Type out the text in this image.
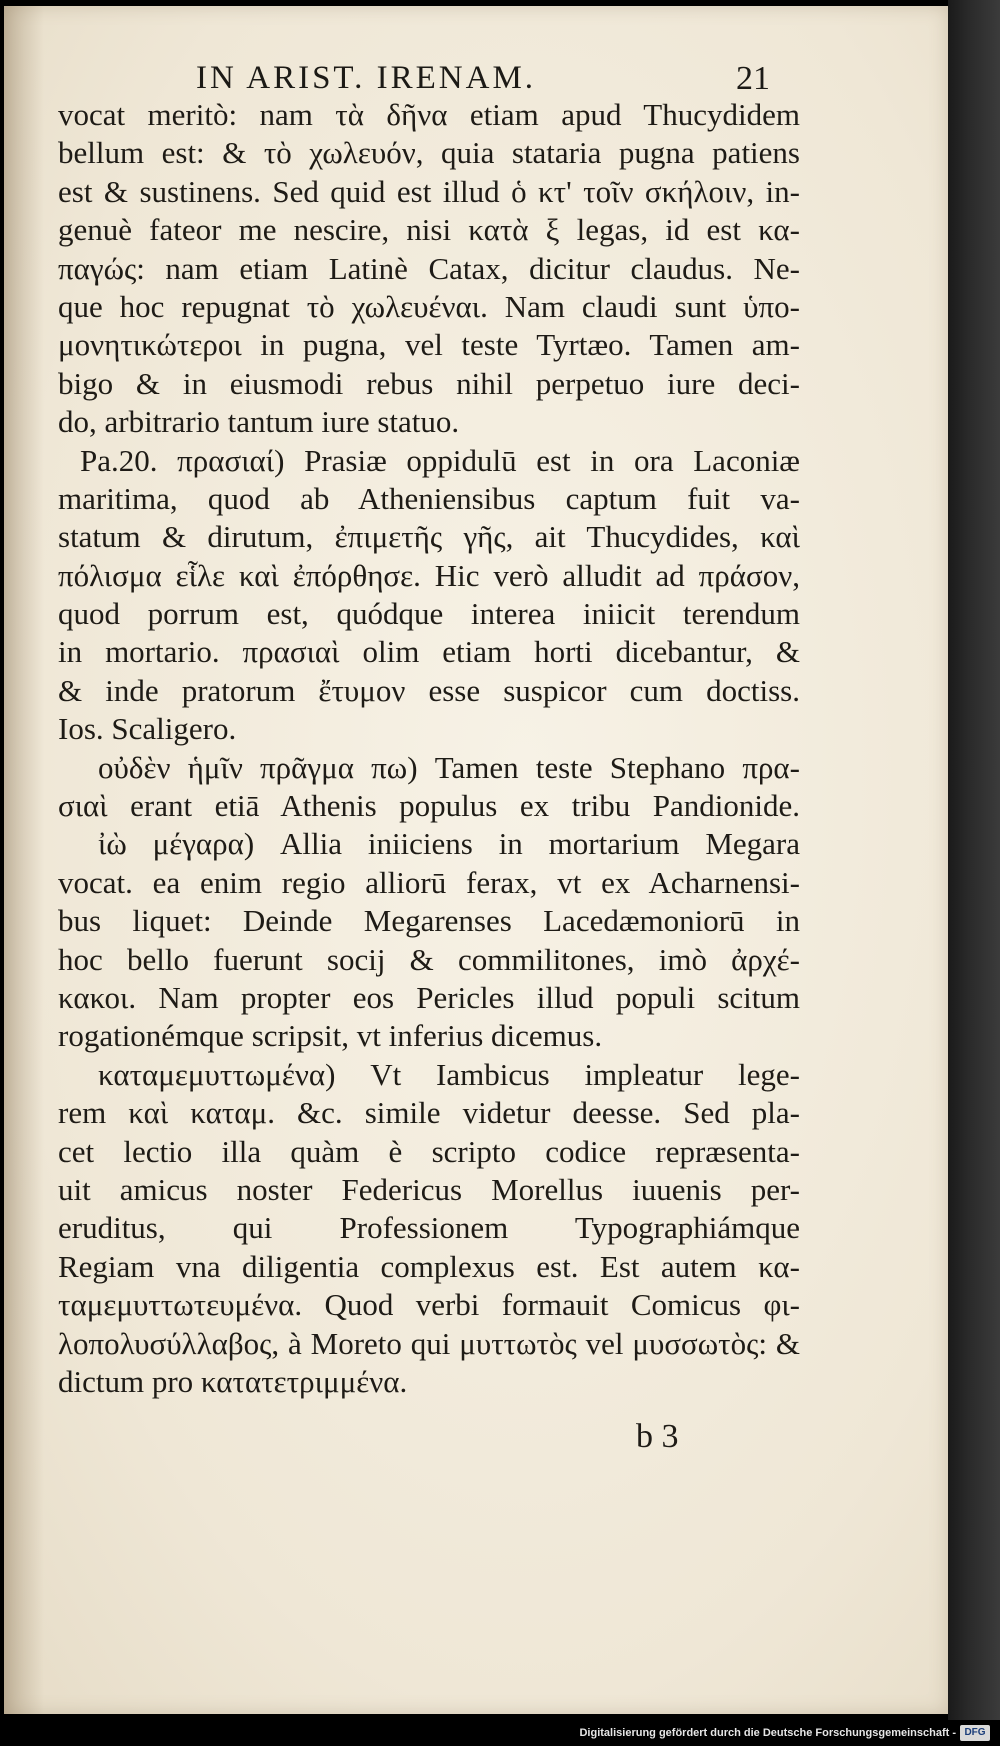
IN ARIST. IRENAM.	21
vocat meritò: nam τὰ δῆνα etiam apud Thucydidem
bellum est: & τὸ χωλευόν, quia stataria pugna patiens
est & sustinens. Sed quid est illud ὁ κτ' τοῖν σκήλοιν, in-
genuè fateor me nescire, nisi κατὰ ξ legas, id est κα-
παγώς: nam etiam Latinè Catax, dicitur claudus. Ne-
que hoc repugnat τὸ χωλευέναι. Nam claudi sunt ὑπο-
μονητικώτεροι in pugna, vel teste Tyrtæo. Tamen am-
bigo & in eiusmodi rebus nihil perpetuo iure deci-
do, arbitrario tantum iure statuo.
Pa.20. πρασιαί) Prasiæ oppidulū est in ora Laconiæ
maritima, quod ab Atheniensibus captum fuit va-
statum & dirutum, ἐπιμετῆς γῆς, ait Thucydides, καὶ
πόλισμα εἷλε καὶ ἐπόρθησε. Hic verò alludit ad πράσον,
quod porrum est, quódque interea iniicit terendum
in mortario. πρασιαὶ olim etiam horti dicebantur, &
& inde pratorum ἔτυμον esse suspicor cum doctiss.
Ios. Scaligero.
οὐδὲν ἡμῖν πρᾶγμα πω) Tamen teste Stephano πρα-
σιαὶ erant etiā Athenis populus ex tribu Pandionide.
ἰὼ μέγαρα) Allia iniiciens in mortarium Megara
vocat. ea enim regio alliorū ferax, vt ex Acharnensi-
bus liquet: Deinde Megarenses Lacedæmoniorū in
hoc bello fuerunt socij & commilitones, imò ἀρχέ-
κακοι. Nam propter eos Pericles illud populi scitum
rogationémque scripsit, vt inferius dicemus.
καταμεμυττωμένα) Vt Iambicus impleatur lege-
rem καὶ καταμ. &c. simile videtur deesse. Sed pla-
cet lectio illa quàm è scripto codice repræsenta-
uit amicus noster Federicus Morellus iuuenis per-
eruditus, qui Professionem Typographiámque
Regiam vna diligentia complexus est. Est autem κα-
ταμεμυττωτευμένα. Quod verbi formauit Comicus φι-
λοπολυσύλλαβος, à Moreto qui μυττωτὸς vel μυσσωτὸς: &
dictum pro κατατετριμμένα.
b 3
Digitalisierung gefördert durch die Deutsche Forschungsgemeinschaft - DFG
